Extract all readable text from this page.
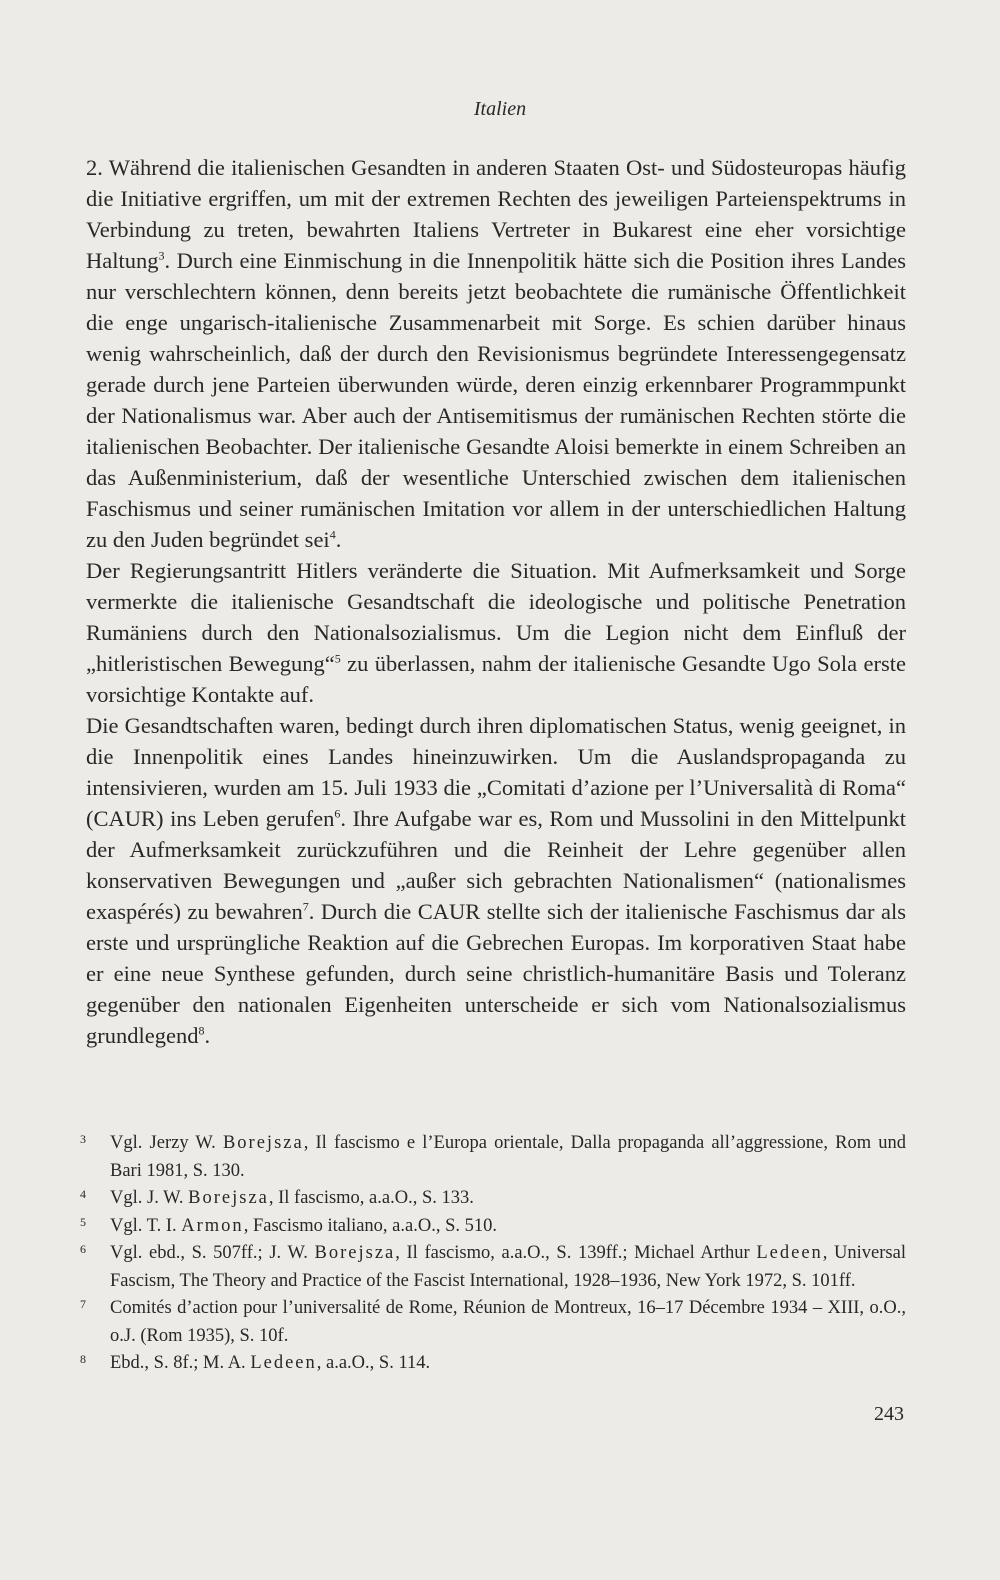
Italien

2. Während die italienischen Gesandten in anderen Staaten Ost- und Südosteuropas häufig die Initiative ergriffen, um mit der extremen Rechten des jeweiligen Parteienspektrums in Verbindung zu treten, bewahrten Italiens Vertreter in Bukarest eine eher vorsichtige Haltung$^3$. Durch eine Einmischung in die Innenpolitik hätte sich die Position ihres Landes nur verschlechtern können, denn bereits jetzt beobachtete die rumänische Öffentlichkeit die enge ungarisch-italienische Zusammenarbeit mit Sorge. Es schien darüber hinaus wenig wahrscheinlich, daß der durch den Revisionismus begründete Interessengegensatz gerade durch jene Parteien überwunden würde, deren einzig erkennbarer Programmpunkt der Nationalismus war. Aber auch der Antisemitismus der rumänischen Rechten störte die italienischen Beobachter. Der italienische Gesandte Aloisi bemerkte in einem Schreiben an das Außenministerium, daß der wesentliche Unterschied zwischen dem italienischen Faschismus und seiner rumänischen Imitation vor allem in der unterschiedlichen Haltung zu den Juden begründet sei$^4$.

Der Regierungsantritt Hitlers veränderte die Situation. Mit Aufmerksamkeit und Sorge vermerkte die italienische Gesandtschaft die ideologische und politische Penetration Rumäniens durch den Nationalsozialismus. Um die Legion nicht dem Einfluß der „hitleristischen Bewegung“$^5$ zu überlassen, nahm der italienische Gesandte Ugo Sola erste vorsichtige Kontakte auf.

Die Gesandtschaften waren, bedingt durch ihren diplomatischen Status, wenig geeignet, in die Innenpolitik eines Landes hineinzuwirken. Um die Auslandspropaganda zu intensivieren, wurden am 15. Juli 1933 die „Comitati d’azione per l’Universalità di Roma“ (CAUR) ins Leben gerufen$^6$. Ihre Aufgabe war es, Rom und Mussolini in den Mittelpunkt der Aufmerksamkeit zurückzuführen und die Reinheit der Lehre gegenüber allen konservativen Bewegungen und „außer sich gebrachten Nationalismen“ (nationalismes exaspérés) zu bewahren$^7$. Durch die CAUR stellte sich der italienische Faschismus dar als erste und ursprüngliche Reaktion auf die Gebrechen Europas. Im korporativen Staat habe er eine neue Synthese gefunden, durch seine christlich-humanitäre Basis und Toleranz gegenüber den nationalen Eigenheiten unterscheide er sich vom Nationalsozialismus grundlegend$^8$.

3 Vgl. Jerzy W. Borejsza, Il fascismo e l’Europa orientale, Dalla propaganda all’aggressione, Rom und Bari 1981, S. 130.
4 Vgl. J. W. Borejsza, Il fascismo, a.a.O., S. 133.
5 Vgl. T. I. Armon, Fascismo italiano, a.a.O., S. 510.
6 Vgl. ebd., S. 507ff.; J. W. Borejsza, Il fascismo, a.a.O., S. 139ff.; Michael Arthur Ledeen, Universal Fascism, The Theory and Practice of the Fascist International, 1928–1936, New York 1972, S. 101ff.
7 Comités d’action pour l’universalité de Rome, Réunion de Montreux, 16–17 Décembre 1934 – XIII, o.O., o.J. (Rom 1935), S. 10f.
8 Ebd., S. 8f.; M. A. Ledeen, a.a.O., S. 114.
243
